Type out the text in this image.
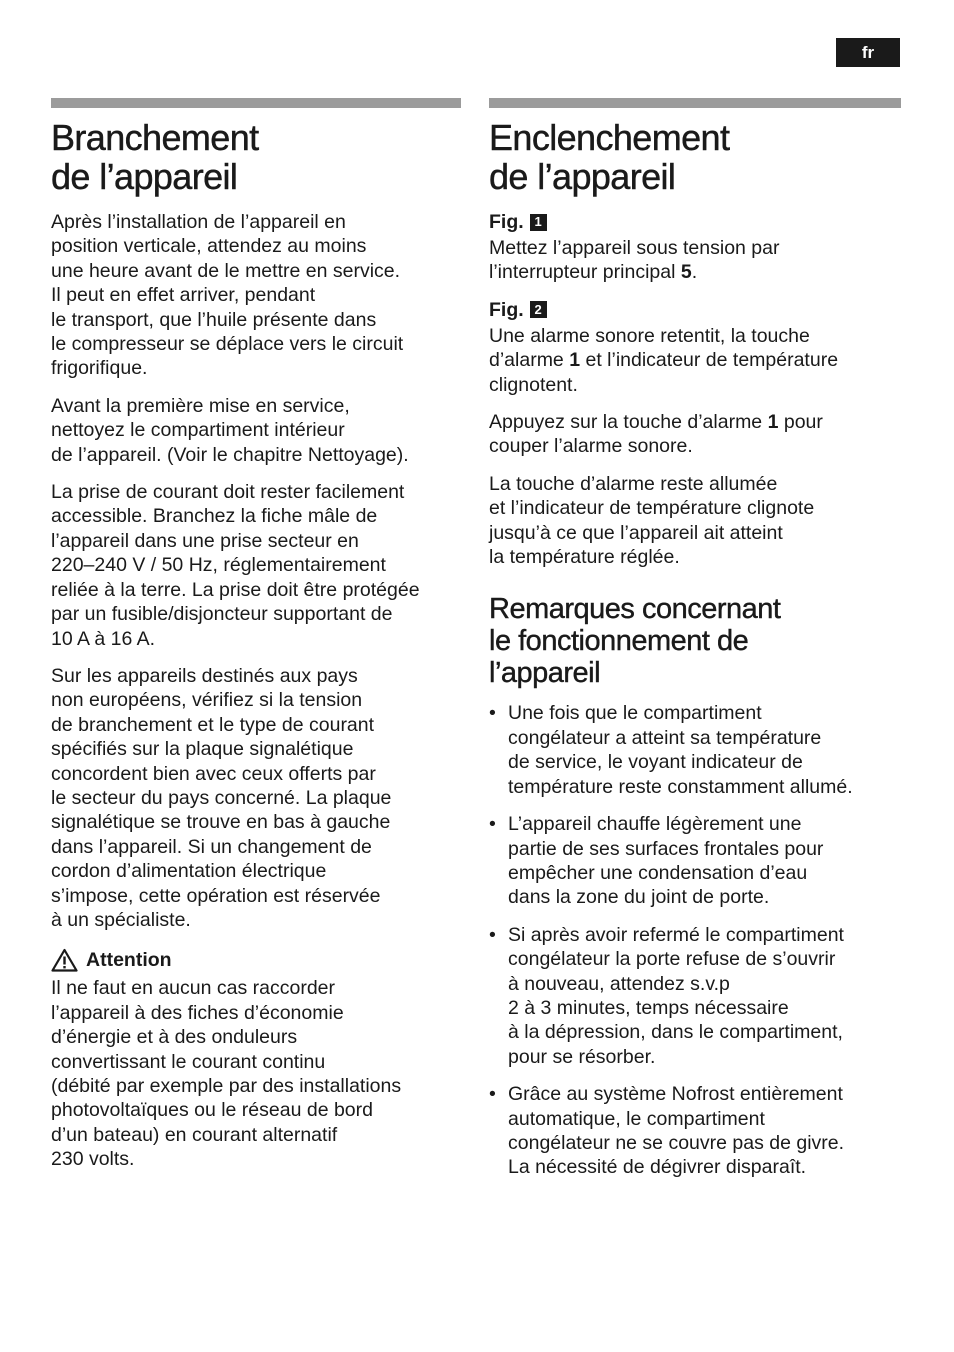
fr
Branchement
de l’appareil

Après l’installation de l’appareil en
position verticale, attendez au moins
une heure avant de le mettre en service.
Il peut en effet arriver, pendant
le transport, que l’huile présente dans
le compresseur se déplace vers le circuit
frigorifique.

Avant la première mise en service,
nettoyez le compartiment intérieur
de l’appareil. (Voir le chapitre Nettoyage).

La prise de courant doit rester facilement
accessible. Branchez la fiche mâle de
l’appareil dans une prise secteur en
220–240 V / 50 Hz, réglementairement
reliée à la terre. La prise doit être protégée
par un fusible/disjoncteur supportant de
10 A à 16 A.

Sur les appareils destinés aux pays
non européens, vérifiez si la tension
de branchement et le type de courant
spécifiés sur la plaque signalétique
concordent bien avec ceux offerts par
le secteur du pays concerné. La plaque
signalétique se trouve en bas à gauche
dans l’appareil. Si un changement de
cordon d’alimentation électrique
s’impose, cette opération est réservée
à un spécialiste.

Attention

Il ne faut en aucun cas raccorder
l’appareil à des fiches d’économie
d’énergie et à des onduleurs
convertissant le courant continu
(débité par exemple par des installations
photovoltaïques ou le réseau de bord
d’un bateau) en courant alternatif
230 volts.

Enclenchement
de l’appareil
Fig. 1

Mettez l’appareil sous tension par
l’interrupteur principal 5.

Fig. 2

Une alarme sonore retentit, la touche
d’alarme 1 et l’indicateur de température
clignotent.

Appuyez sur la touche d’alarme 1 pour
couper l’alarme sonore.

La touche d’alarme reste allumée
et l’indicateur de température clignote
jusqu’à ce que l’appareil ait atteint
la température réglée.

Remarques concernant
le fonctionnement de
l’appareil
• Une fois que le compartiment
congélateur a atteint sa température
de service, le voyant indicateur de
température reste constamment allumé.
• L’appareil chauffe légèrement une
partie de ses surfaces frontales pour
empêcher une condensation d’eau
dans la zone du joint de porte.
• Si après avoir refermé le compartiment
congélateur la porte refuse de s’ouvrir
à nouveau, attendez s.v.p
2 à 3 minutes, temps nécessaire
à la dépression, dans le compartiment,
pour se résorber.
• Grâce au système Nofrost entièrement
automatique, le compartiment
congélateur ne se couvre pas de givre.
La nécessité de dégivrer disparaît.
